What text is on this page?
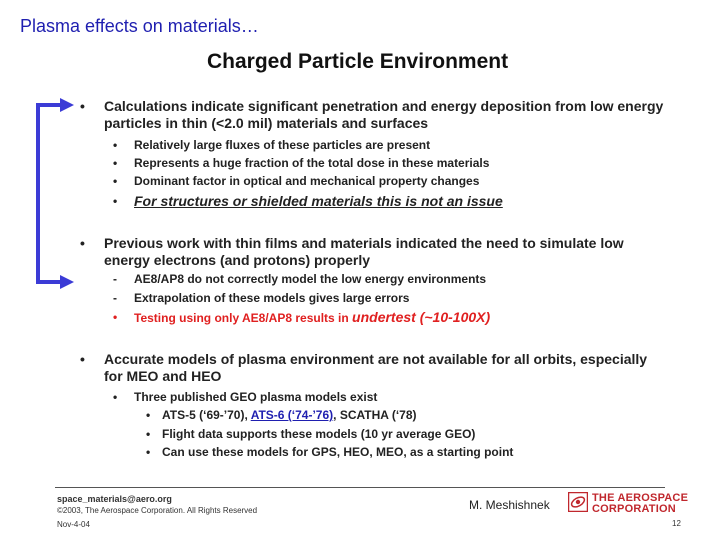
Plasma effects on materials…
Charged Particle Environment
• Calculations indicate significant penetration and energy deposition from low energy particles in thin (<2.0 mil) materials and surfaces
• Relatively large fluxes of these particles are present
• Represents a huge fraction of the total dose in these materials
• Dominant factor in optical and mechanical property changes
• For structures or shielded materials this is not an issue
• Previous work with thin films and materials indicated the need to simulate low energy electrons (and protons) properly
- AE8/AP8 do not correctly model the low energy environments
- Extrapolation of these models gives large errors
• Testing using only AE8/AP8 results in undertest (~10-100X)
• Accurate models of plasma environment are not available for all orbits, especially for MEO and HEO
• Three published GEO plasma models exist
• ATS-5 (‘69-’70), ATS-6 (‘74-’76), SCATHA (‘78)
• Flight data supports these models (10 yr average GEO)
• Can use these models for GPS, HEO, MEO, as a starting point
space_materials@aero.org
©2003, The Aerospace Corporation. All Rights Reserved
Nov-4-04
M. Meshishnek	THE AEROSPACE
CORPORATION
12
